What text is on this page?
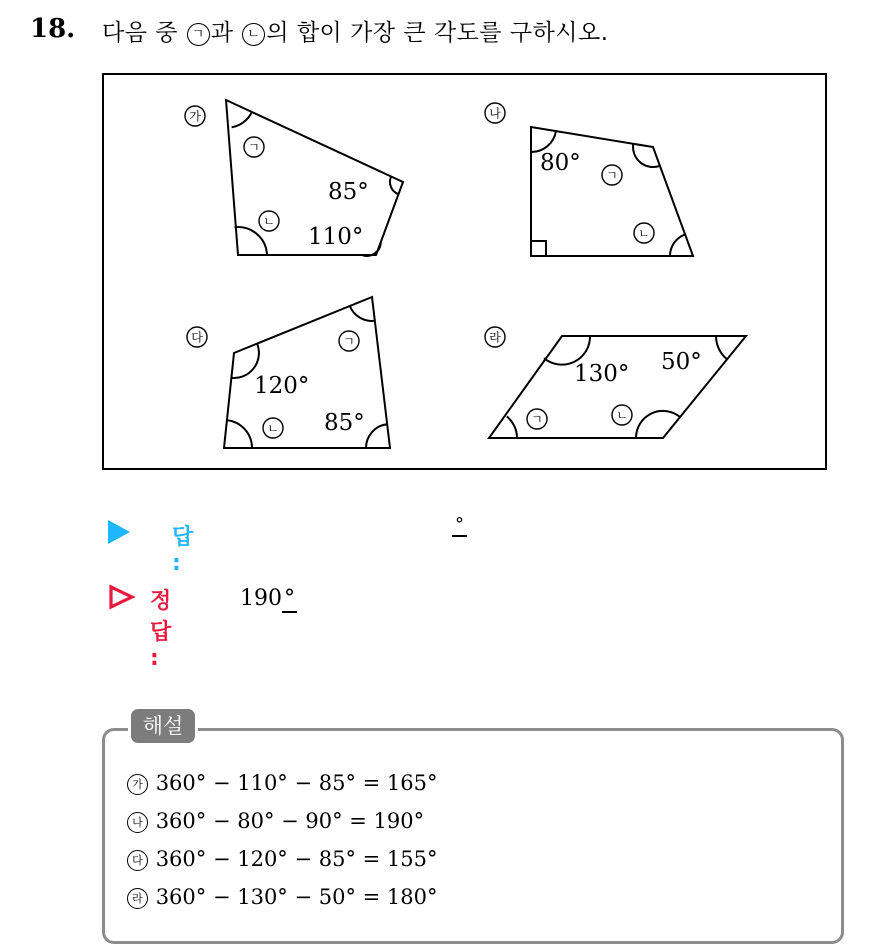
18. 다음 중 ㄱ 과 ㄴ 의 합이 가장 큰 각도를 구하시오.
가
ㄱ
ㄴ
나
ㄱ
ㄴ
다	ㄱ
ㄴ
라
ㄱ	ㄴ
85°
110°
80°
120°
85°
130° 50°
답 :
°
정답 :
190°
해설
가 360° − 110° − 85° = 165°
나 360° − 80° − 90° = 190°
다 360° − 120° − 85° = 155°
라 360° − 130° − 50° = 180°
